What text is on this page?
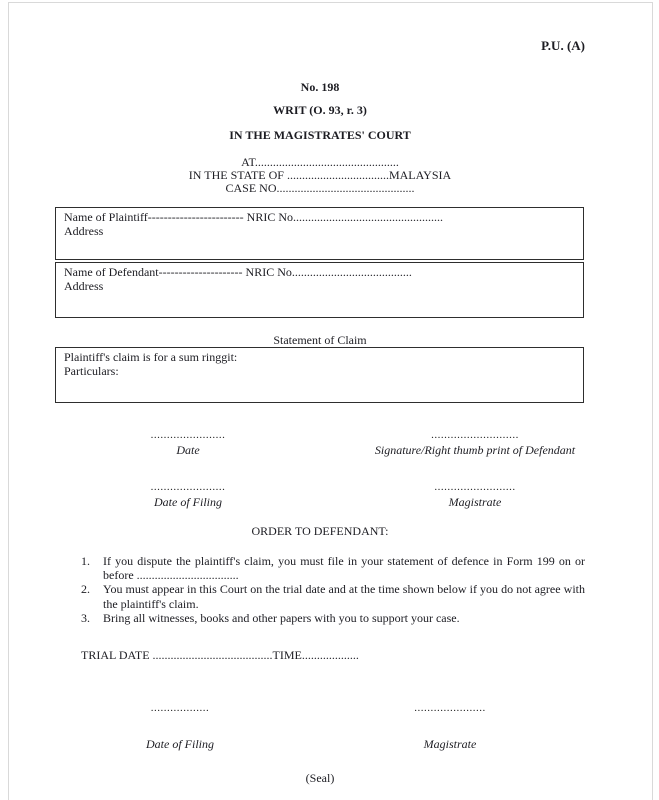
P.U. (A)
No. 198
WRIT (O. 93, r. 3)
IN THE MAGISTRATES' COURT
AT................................................
IN THE STATE OF ..................................MALAYSIA
CASE NO..............................................
Name of Plaintiff------------------------ NRIC No..................................................
Address
Name of Defendant--------------------- NRIC No........................................
Address
Statement of Claim
Plaintiff's claim is for a sum ringgit:
Particulars:
.......................
Date
...........................
Signature/Right thumb print of Defendant
.......................
Date of Filing
.........................
Magistrate
ORDER TO DEFENDANT:
1.	If you dispute the plaintiff's claim, you must file in your statement of defence in Form 199 on or before ..................................
2.	You must appear in this Court on the trial date and at the time shown below if you do not agree with the plaintiff's claim.
3.	Bring all witnesses, books and other papers with you to support your case.
TRIAL DATE ........................................TIME...................
..................
Date of Filing
......................
Magistrate
(Seal)
